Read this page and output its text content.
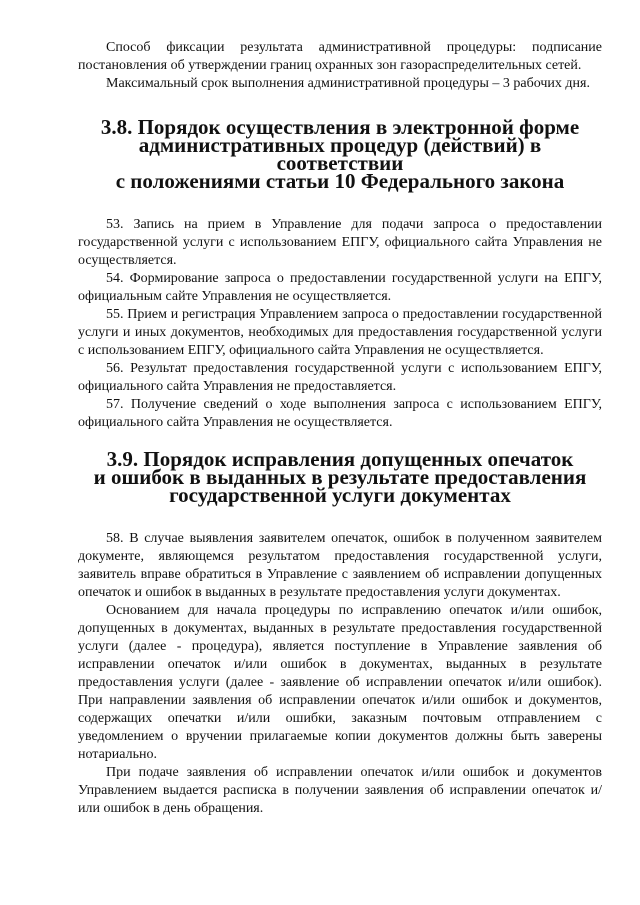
Способ фиксации результата административной процедуры: подписание постановления об утверждении границ охранных зон газораспределительных сетей.

Максимальный срок выполнения административной процедуры – 3 рабочих дня.

3.8. Порядок осуществления в электронной форме
административных процедур (действий) в соответствии
с положениями статьи 10 Федерального закона

53. Запись на прием в Управление для подачи запроса о предоставлении государственной услуги с использованием ЕПГУ, официального сайта Управления не осуществляется.

54. Формирование запроса о предоставлении государственной услуги на ЕПГУ, официальным сайте Управления не осуществляется.

55. Прием и регистрация Управлением запроса о предоставлении государственной услуги и иных документов, необходимых для предоставления государственной услуги с использованием ЕПГУ, официального сайта Управления не осуществляется.

56. Результат предоставления государственной услуги с использованием ЕПГУ, официального сайта Управления не предоставляется.

57. Получение сведений о ходе выполнения запроса с использованием ЕПГУ, официального сайта Управления не осуществляется.

3.9. Порядок исправления допущенных опечаток
и ошибок в выданных в результате предоставления
государственной услуги документах

58. В случае выявления заявителем опечаток, ошибок в полученном заявителем документе, являющемся результатом предоставления государственной услуги, заявитель вправе обратиться в Управление с заявлением об исправлении допущенных опечаток и ошибок в выданных в результате предоставления услуги документах.

Основанием для начала процедуры по исправлению опечаток и/или ошибок, допущенных в документах, выданных в результате предоставления государственной услуги (далее - процедура), является поступление в Управление заявления об исправлении опечаток и/или ошибок в документах, выданных в результате предоставления услуги (далее - заявление об исправлении опечаток и/или ошибок). При направлении заявления об исправлении опечаток и/или ошибок и документов, содержащих опечатки и/или ошибки, заказным почтовым отправлением с уведомлением о вручении прилагаемые копии документов должны быть заверены нотариально.

При подаче заявления об исправлении опечаток и/или ошибок и документов Управлением выдается расписка в получении заявления об исправлении опечаток и/или ошибок в день обращения.
